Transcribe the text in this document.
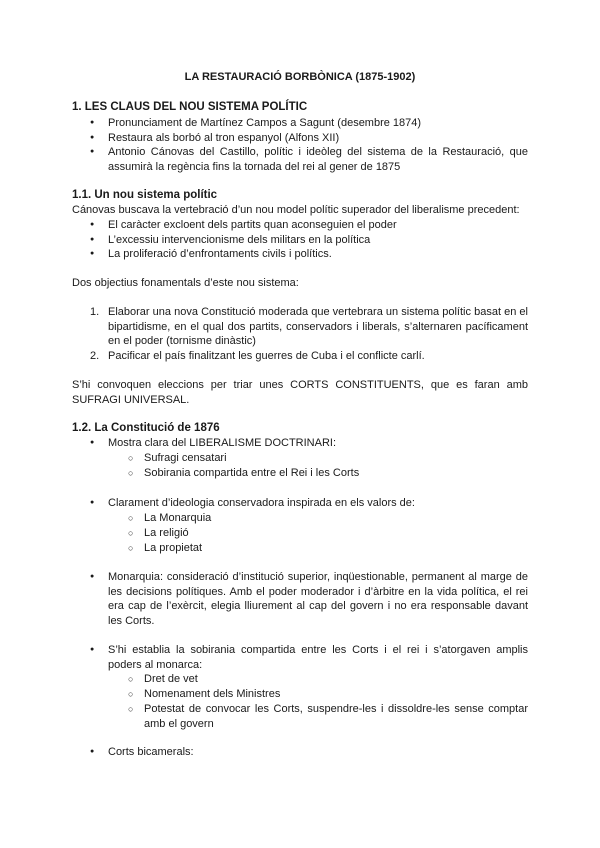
LA RESTAURACIÓ BORBÒNICA (1875-1902)
1. LES CLAUS DEL NOU SISTEMA POLÍTIC
● Pronunciament de Martínez Campos a Sagunt (desembre 1874)
● Restaura als borbó al tron espanyol (Alfons XII)
● Antonio Cánovas del Castillo, polític i ideòleg del sistema de la Restauració, que assumirà la regència fins la tornada del rei al gener de 1875
1.1. Un nou sistema polític
Cánovas buscava la vertebració d’un nou model polític superador del liberalisme precedent:
● El caràcter excloent dels partits quan aconseguien el poder
● L’excessiu intervencionisme dels militars en la política
● La proliferació d’enfrontaments civils i polítics.
Dos objectius fonamentals d’este nou sistema:
1. Elaborar una nova Constitució moderada que vertebrara un sistema polític basat en el bipartidisme, en el qual dos partits, conservadors i liberals, s’alternaren pacíficament en el poder (tornisme dinàstic)
2. Pacificar el país finalitzant les guerres de Cuba i el conflicte carlí.
S’hi convoquen eleccions per triar unes CORTS CONSTITUENTS, que es faran amb SUFRAGI UNIVERSAL.
1.2. La Constitució de 1876
● Mostra clara del LIBERALISME DOCTRINARI:
○ Sufragi censatari
○ Sobirania compartida entre el Rei i les Corts
● Clarament d’ideologia conservadora inspirada en els valors de:
○ La Monarquia
○ La religió
○ La propietat
● Monarquia: consideració d’institució superior, inqüestionable, permanent al marge de les decisions polítiques. Amb el poder moderador i d’àrbitre en la vida política, el rei era cap de l’exèrcit, elegia lliurement al cap del govern i no era responsable davant les Corts.
● S’hi establia la sobirania compartida entre les Corts i el rei i s’atorgaven amplis poders al monarca:
○ Dret de vet
○ Nomenament dels Ministres
○ Potestat de convocar les Corts, suspendre-les i dissoldre-les sense comptar amb el govern
● Corts bicamerals:
